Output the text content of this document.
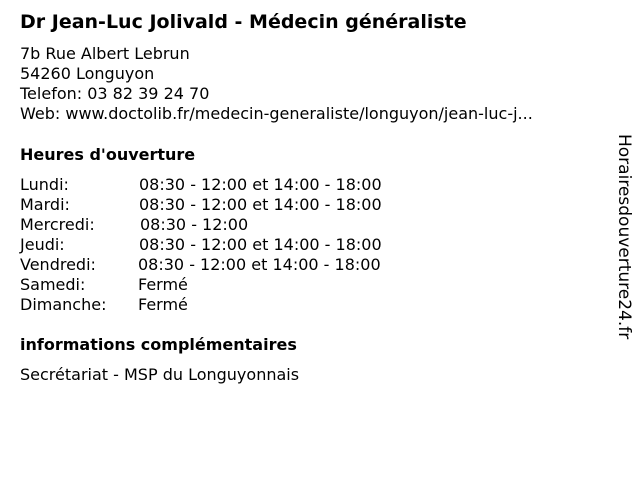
Dr Jean-Luc Jolivald - Médecin généraliste
7b Rue Albert Lebrun
54260 Longuyon
Telefon: 03 82 39 24 70
Web: www.doctolib.fr/medecin-generaliste/longuyon/jean-luc-j...
Heures d'ouverture
Lundi:	08:30 - 12:00 et 14:00 - 18:00
Mardi:	08:30 - 12:00 et 14:00 - 18:00
Mercredi:	08:30 - 12:00
Jeudi:	08:30 - 12:00 et 14:00 - 18:00
Vendredi:	08:30 - 12:00 et 14:00 - 18:00
Samedi:	Fermé
Dimanche: Fermé
informations complémentaires
Secrétariat - MSP du Longuyonnais
Horairesdouverture24.fr
